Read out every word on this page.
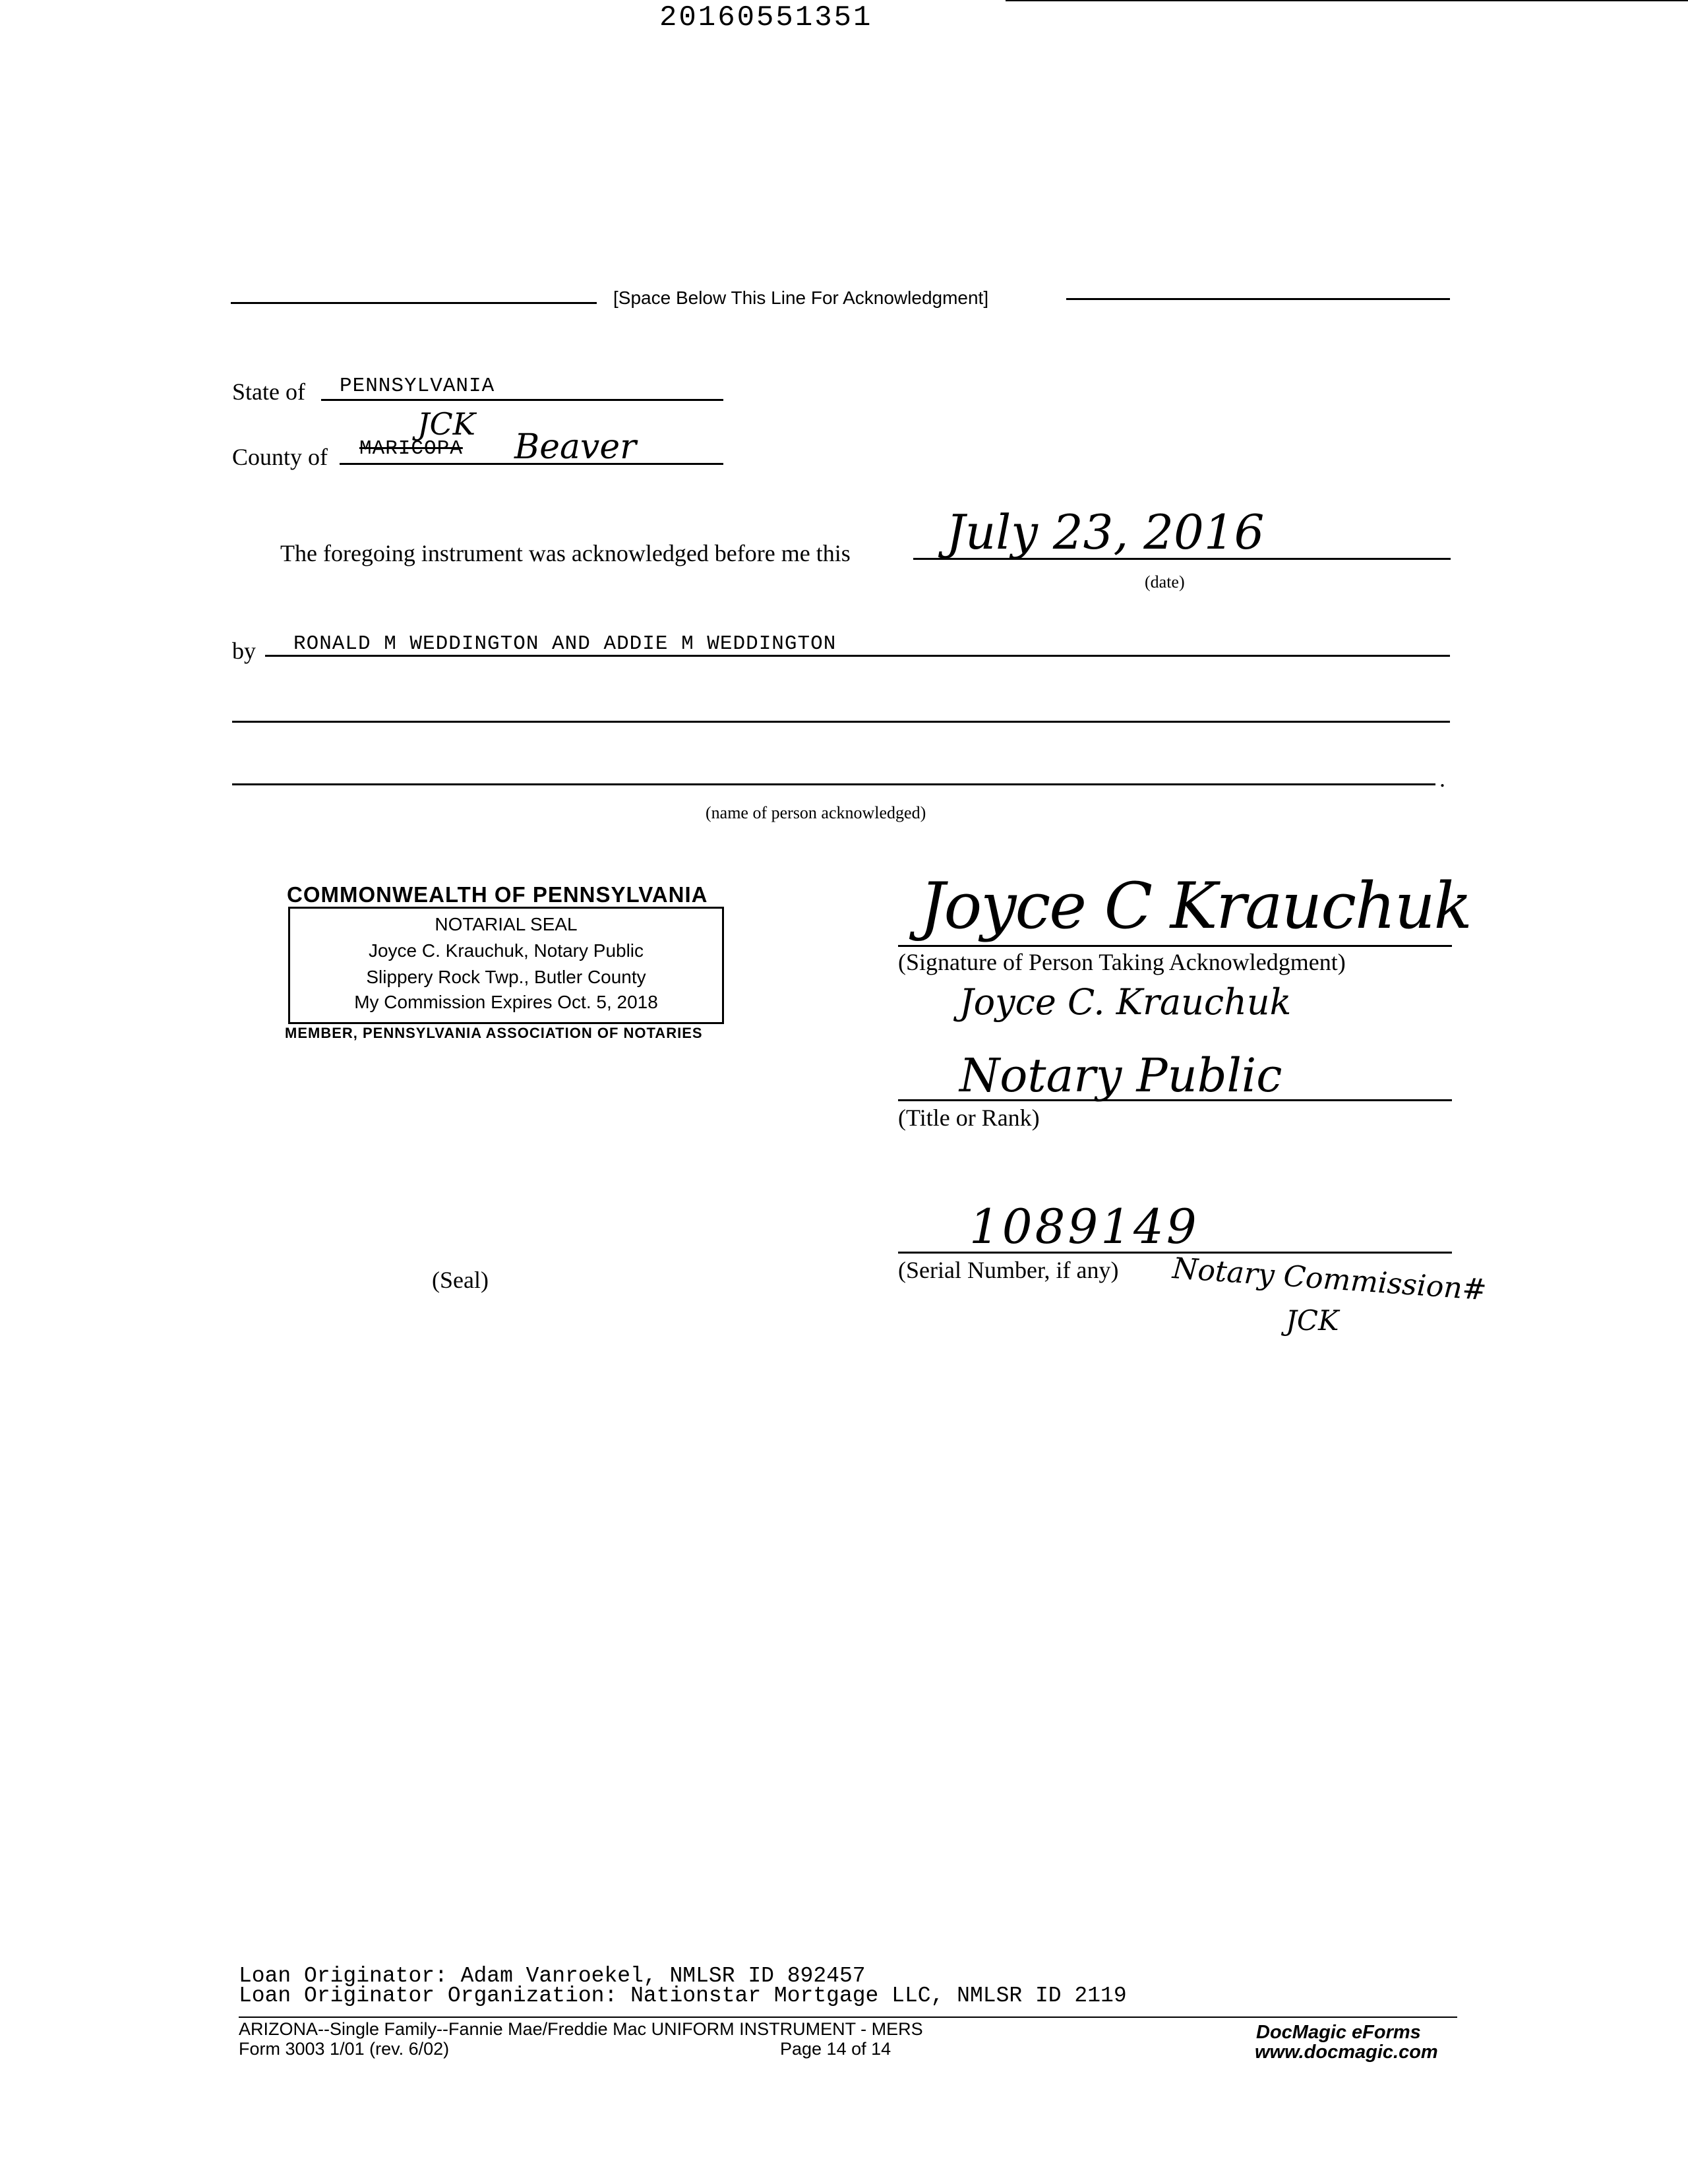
20160551351
[Space Below This Line For Acknowledgment]
State of PENNSYLVANIA
County of MARICOPA
JCK
Beaver
The foregoing instrument was acknowledged before me this July 23, 2016
(date)
by RONALD M WEDDINGTON AND ADDIE M WEDDINGTON
.
(name of person acknowledged)
COMMONWEALTH OF PENNSYLVANIA
NOTARIAL SEAL
Joyce C. Krauchuk, Notary Public
Slippery Rock Twp., Butler County
My Commission Expires Oct. 5, 2018
MEMBER, PENNSYLVANIA ASSOCIATION OF NOTARIES
(Seal)
Joyce C Krauchuk
(Signature of Person Taking Acknowledgment)
Joyce C. Krauchuk
Notary Public
(Title or Rank)
1089149
(Serial Number, if any) Notary Commission#
JCK
Loan Originator: Adam Vanroekel, NMLSR ID 892457
Loan Originator Organization: Nationstar Mortgage LLC, NMLSR ID 2119
ARIZONA--Single Family--Fannie Mae/Freddie Mac UNIFORM INSTRUMENT - MERS
Form 3003 1/01 (rev. 6/02)	Page 14 of 14
DocMagic eForms
www.docmagic.com
